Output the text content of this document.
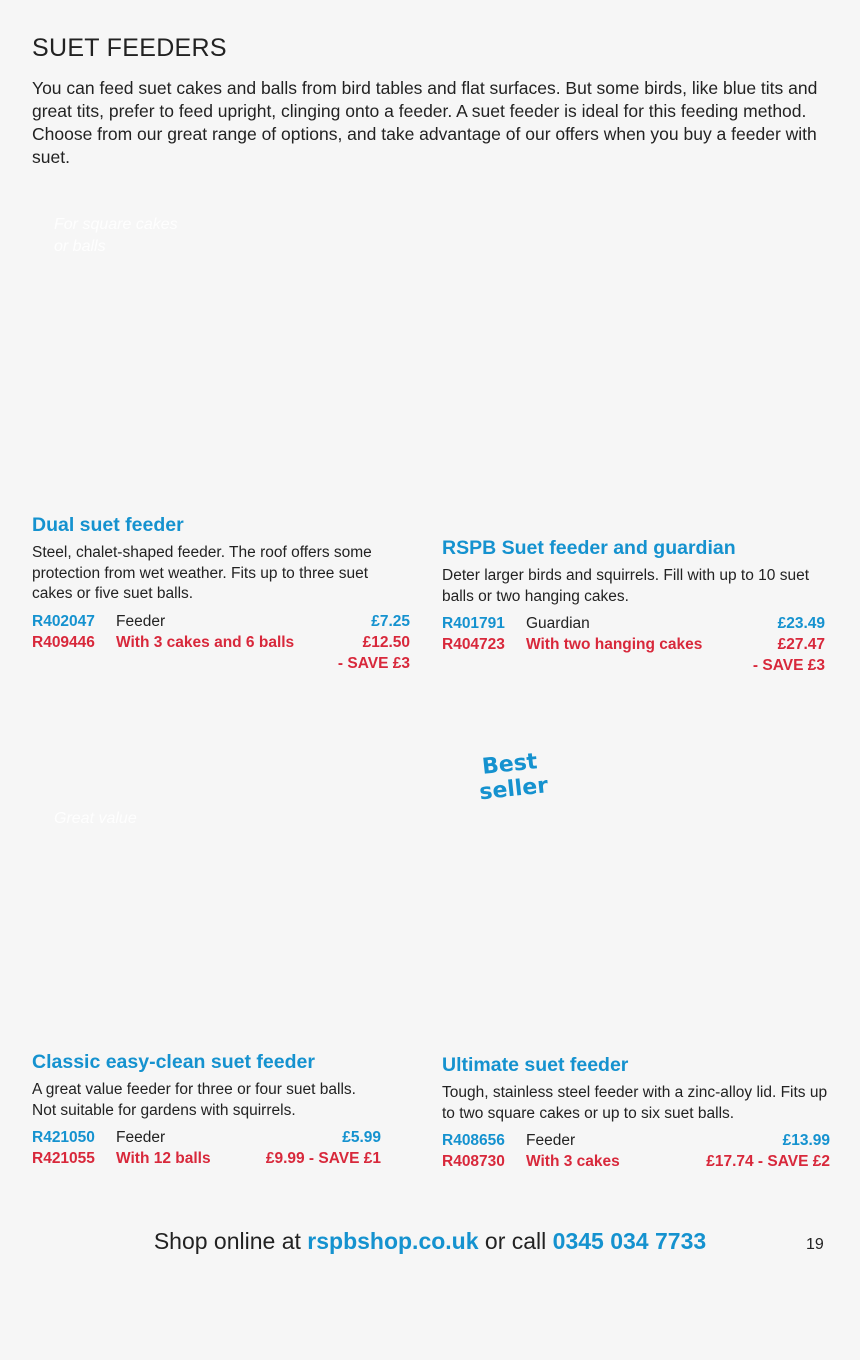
SUET FEEDERS

You can feed suet cakes and balls from bird tables and flat surfaces. But some birds, like blue tits and great tits, prefer to feed upright, clinging onto a feeder. A suet feeder is ideal for this feeding method. Choose from our great range of options, and take advantage of our offers when you buy a feeder with suet.

For square cakes or balls
Great value
Best seller
Dual suet feeder

Steel, chalet-shaped feeder. The roof offers some protection from wet weather. Fits up to three suet cakes or five suet balls.

R402047	Feeder	£7.25
R409446	With 3 cakes and 6 balls	£12.50
- SAVE £3
RSPB Suet feeder and guardian

Deter larger birds and squirrels. Fill with up to 10 suet balls or two hanging cakes.

R401791	Guardian	£23.49
R404723	With two hanging cakes	£27.47
- SAVE £3
Classic easy-clean suet feeder

A great value feeder for three or four suet balls. Not suitable for gardens with squirrels.

R421050	Feeder	£5.99
R421055	With 12 balls	£9.99 - SAVE £1
Ultimate suet feeder

Tough, stainless steel feeder with a zinc-alloy lid. Fits up to two square cakes or up to six suet balls.

R408656	Feeder	£13.99
R408730	With 3 cakes	£17.74 - SAVE £2
Shop online at rspbshop.co.uk or call 0345 034 7733	19
